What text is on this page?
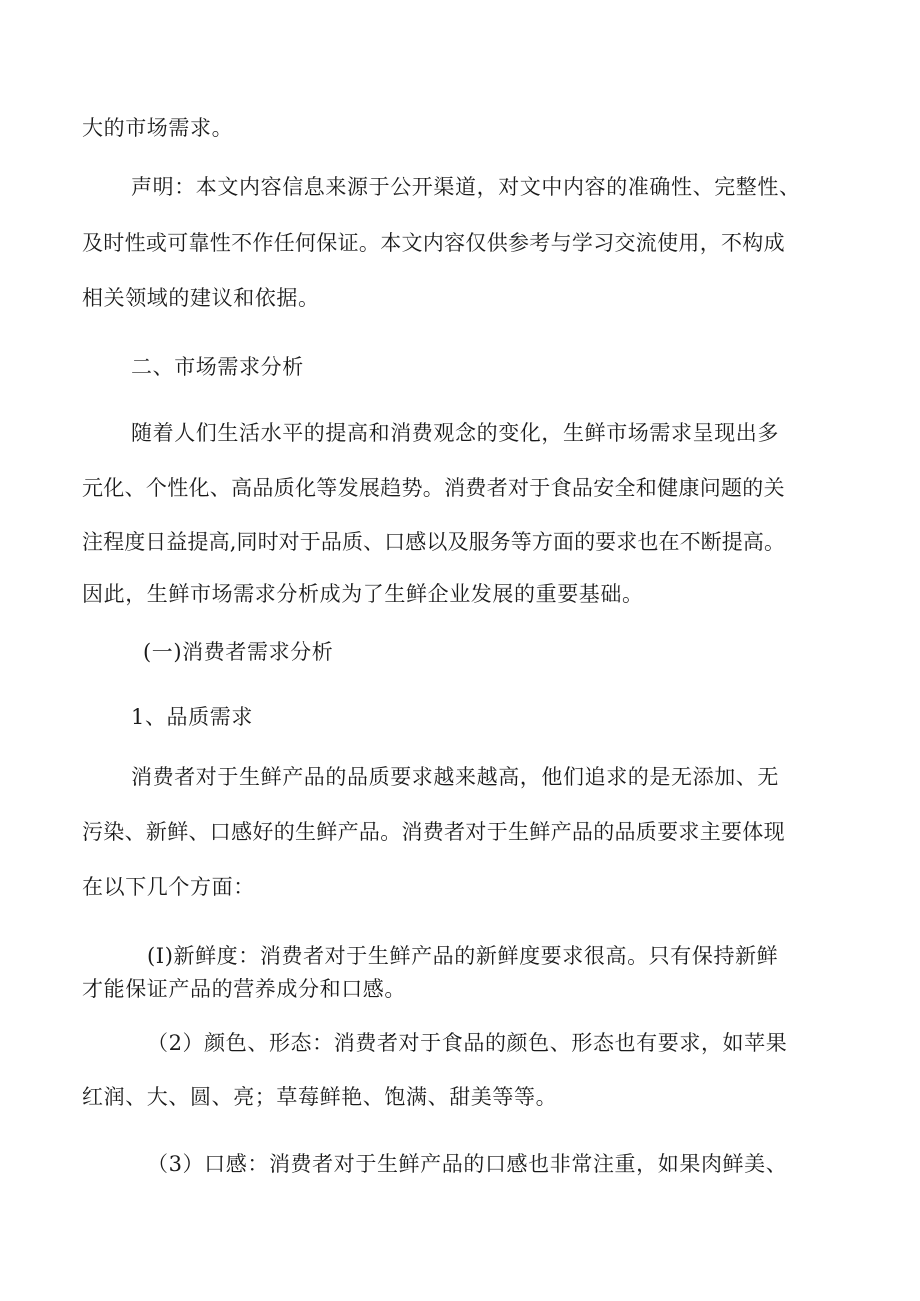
大的市场需求。
声明：本文内容信息来源于公开渠道，对文中内容的准确性、完整性、
及时性或可靠性不作任何保证。本文内容仅供参考与学习交流使用，不构成
相关领域的建议和依据。
二、市场需求分析
随着人们生活水平的提高和消费观念的变化，生鲜市场需求呈现出多
元化、个性化、高品质化等发展趋势。消费者对于食品安全和健康问题的关
注程度日益提高,同时对于品质、口感以及服务等方面的要求也在不断提高。
因此，生鲜市场需求分析成为了生鲜企业发展的重要基础。
(一)消费者需求分析
1、品质需求
消费者对于生鲜产品的品质要求越来越高，他们追求的是无添加、无
污染、新鲜、口感好的生鲜产品。消费者对于生鲜产品的品质要求主要体现
在以下几个方面：
(I)新鲜度：消费者对于生鲜产品的新鲜度要求很高。只有保持新鲜
才能保证产品的营养成分和口感。
（2）颜色、形态：消费者对于食品的颜色、形态也有要求，如苹果
红润、大、圆、亮；草莓鲜艳、饱满、甜美等等。
（3）口感：消费者对于生鲜产品的口感也非常注重，如果肉鲜美、
